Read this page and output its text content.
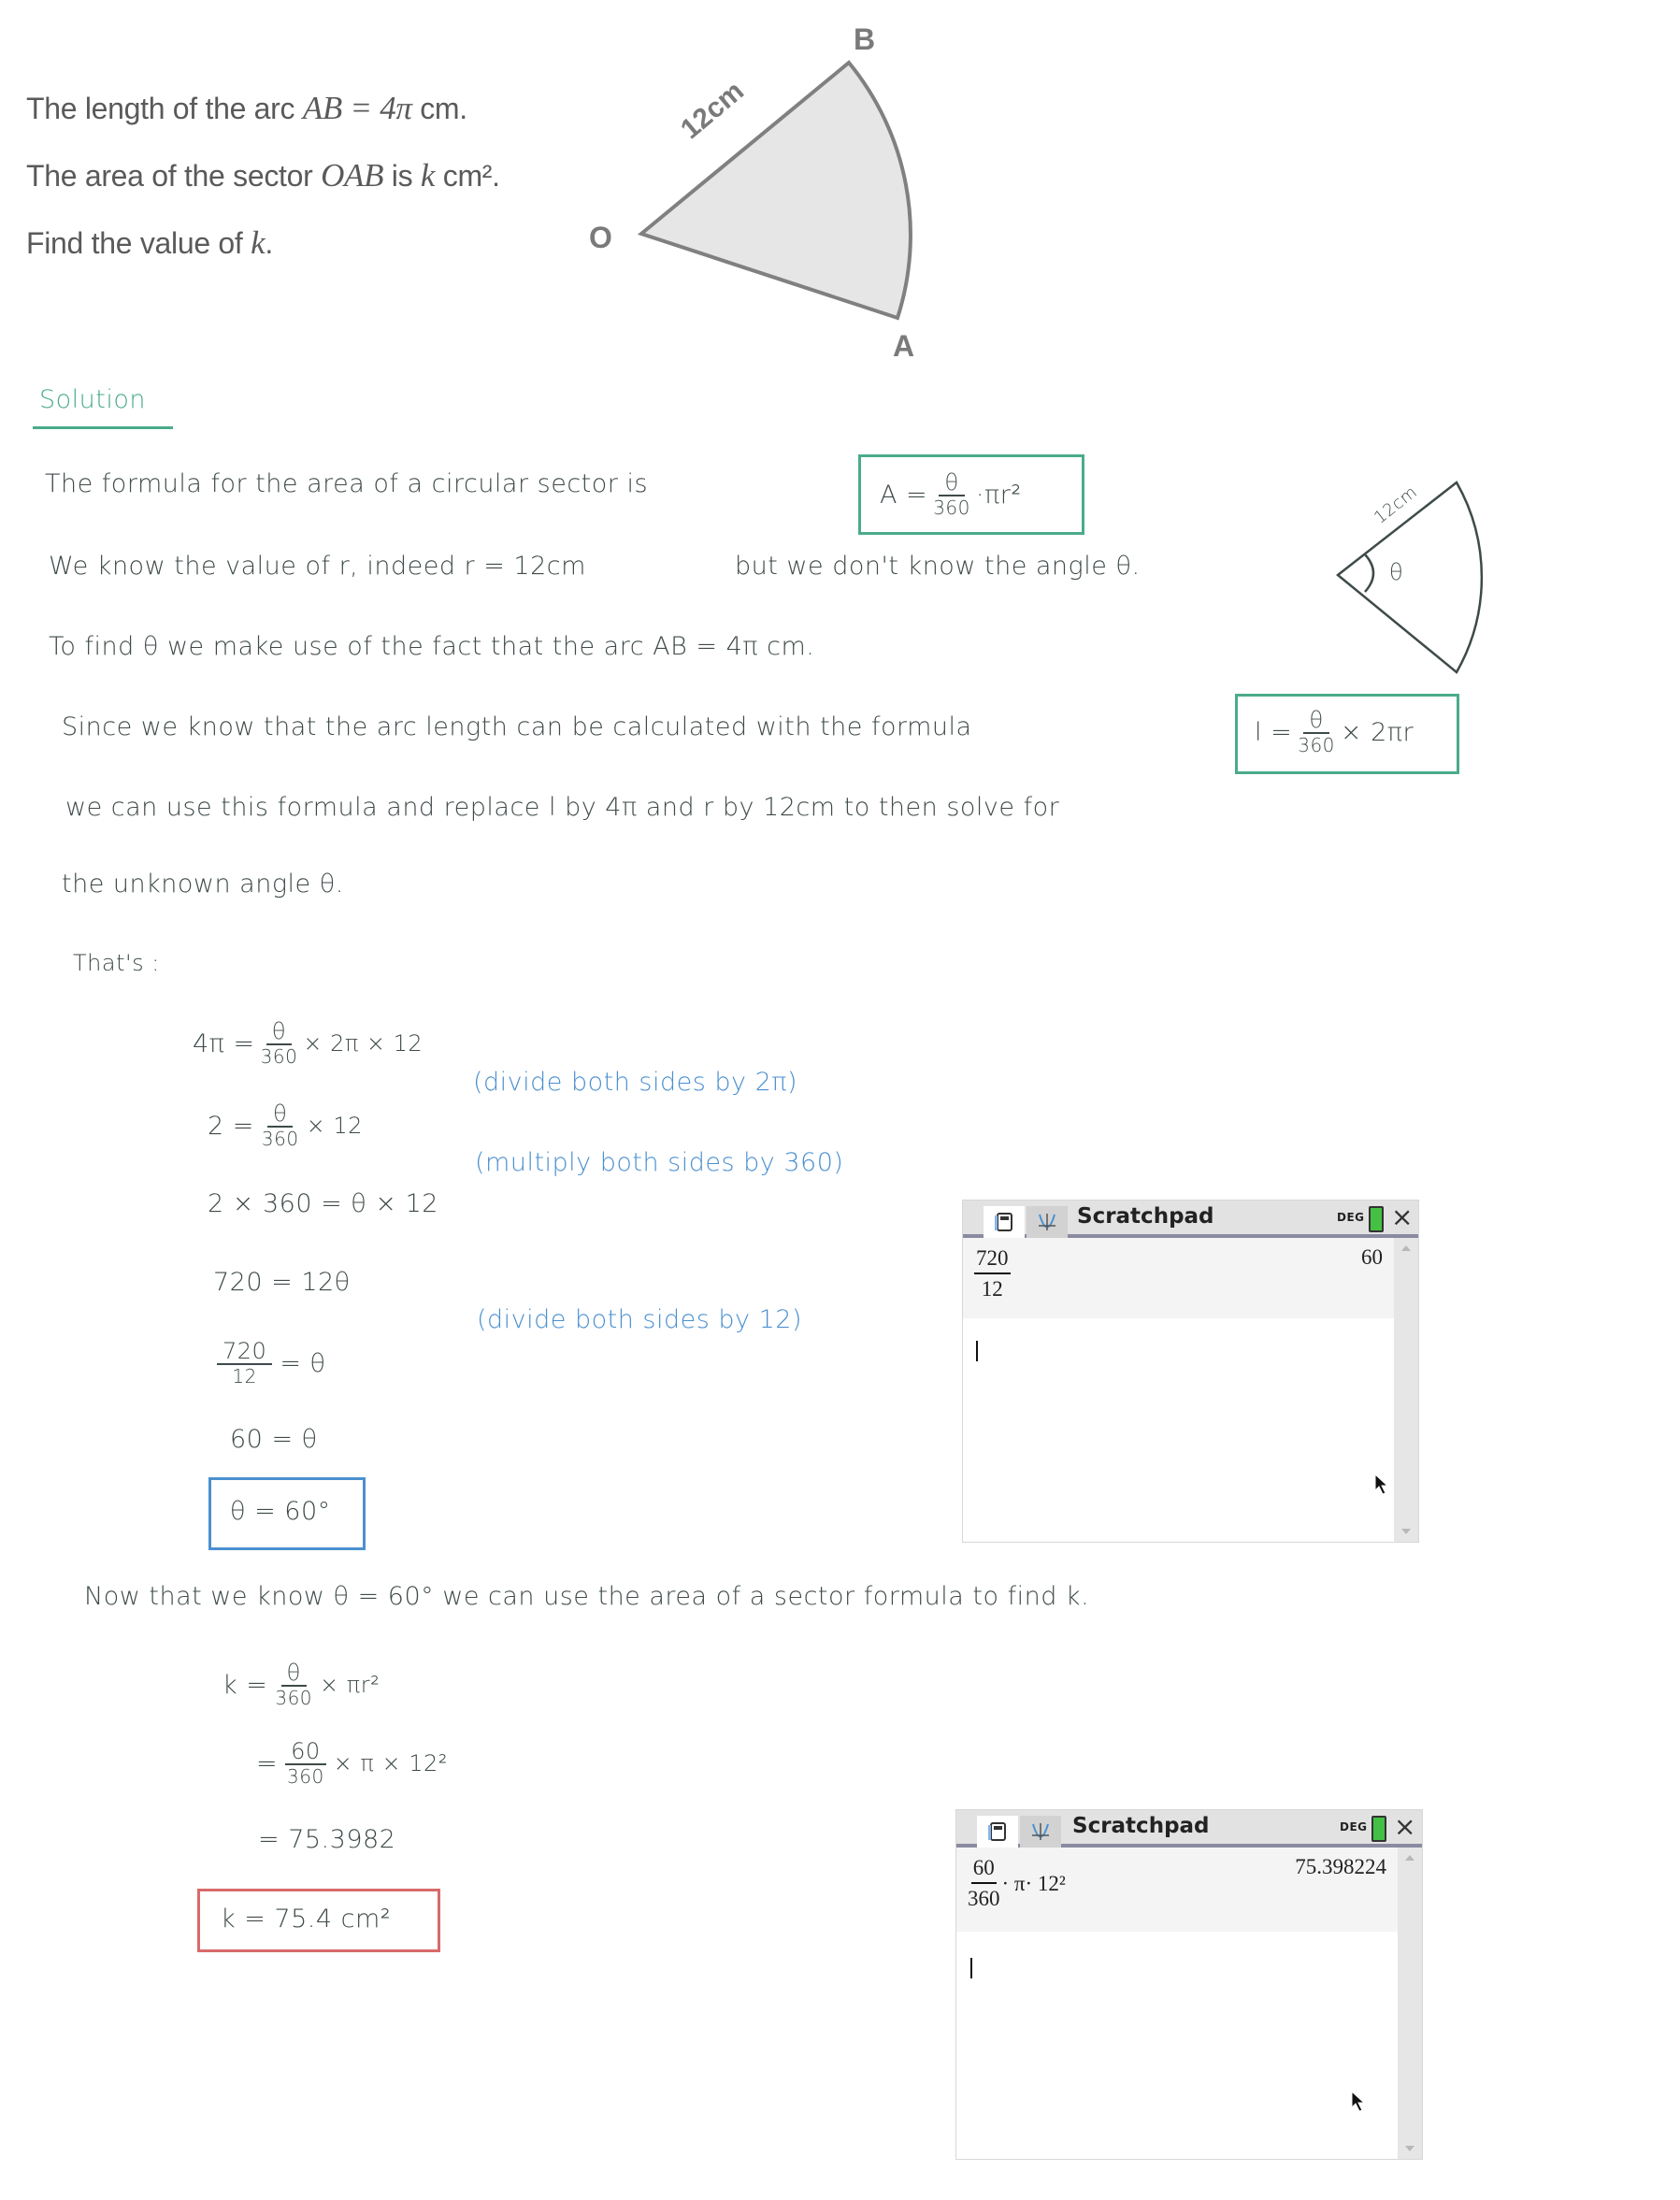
The length of the arc AB = 4π cm.
The area of the sector OAB is k cm².
Find the value of k.	O
B
A
12cm
Solution
The formula for the area of a circular sector is	$A = \frac{\theta}{360} \cdot\pi r^2$
We know the value of r, indeed r = 12cm	but we don't know the angle θ.
12cm
θ
To find θ we make use of the fact that the arc AB = 4π cm.
Since we know that the arc length can be calculated with the formula	$l = \frac{\theta}{360} \times 2\pi r$
we can use this formula and replace l by 4π and r by 12cm to then solve for
the unknown angle θ.
That's :
$4\pi = \frac{\theta}{360} \times 2\pi \times 12$
(divide both sides by 2π)
$2 = \frac{\theta}{360} \times 12$
(multiply both sides by 360)
2 × 360 = θ × 12
720 = 12θ
(divide both sides by 12)
$\frac{720}{12} = \theta$
60 = θ
θ = 60°
Now that we know θ = 60° we can use the area of a sector formula to find k.
$k = \frac{\theta}{360} \times \pi r^2$
= $\frac{60}{360} \times \pi \times 12^2$
= 75.3982
k = 75.4 cm²
Scratchpad	DEG ×
$\frac{720}{12}$	60
Scratchpad	DEG ×
$\frac{60}{360} \cdot \pi\cdot 12^2$
75.398224
